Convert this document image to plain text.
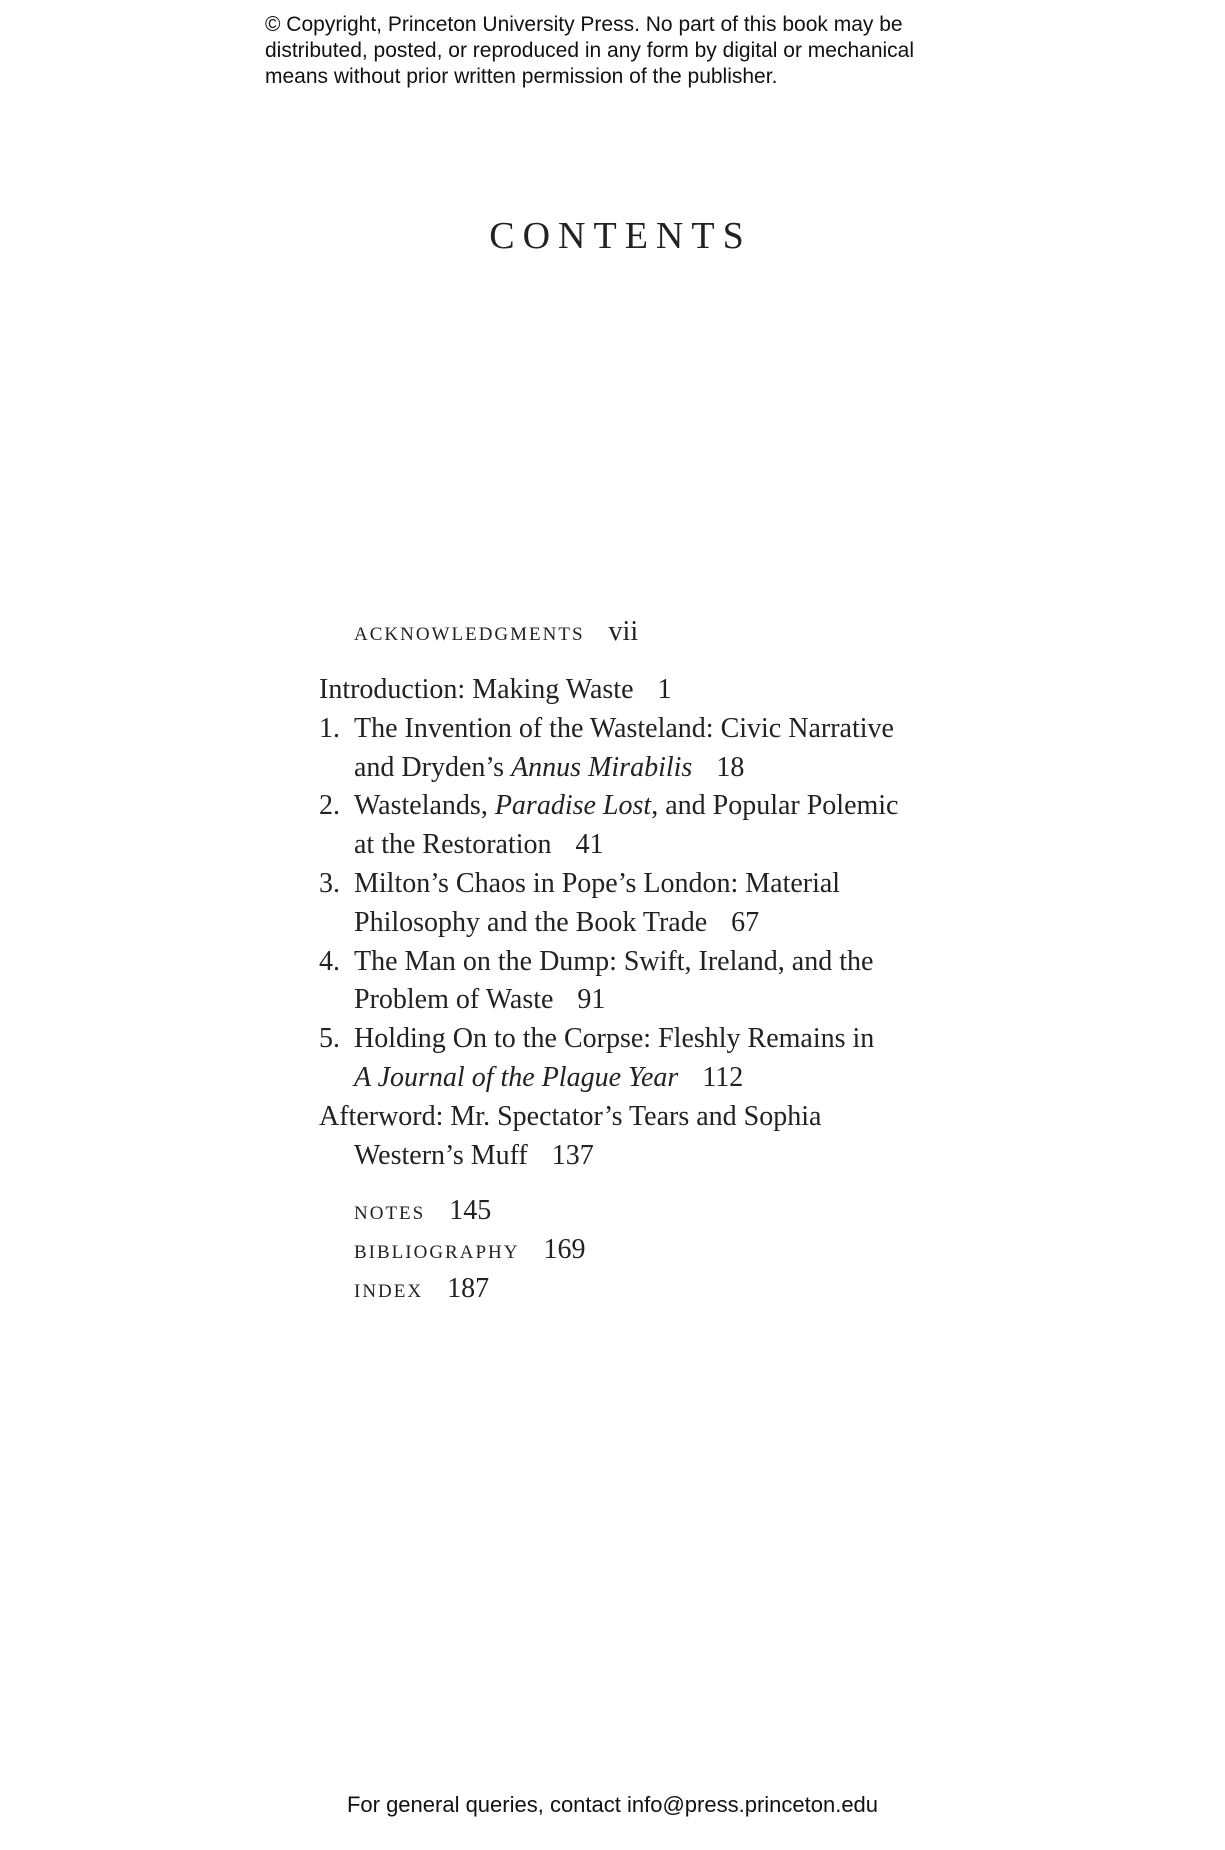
© Copyright, Princeton University Press. No part of this book may be
distributed, posted, or reproduced in any form by digital or mechanical
means without prior written permission of the publisher.
CONTENTS
acknowledgments vii
Introduction: Making Waste 1
1. The Invention of the Wasteland: Civic Narrative
and Dryden’s Annus Mirabilis 18
2. Wastelands, Paradise Lost, and Popular Polemic
at the Restoration 41
3. Milton’s Chaos in Pope’s London: Material
Philosophy and the Book Trade 67
4. The Man on the Dump: Swift, Ireland, and the
Problem of Waste 91
5. Holding On to the Corpse: Fleshly Remains in
A Journal of the Plague Year 112
Afterword: Mr. Spectator’s Tears and Sophia
Western’s Muff 137
notes 145
bibliography 169
index 187
For general queries, contact info@press.princeton.edu
